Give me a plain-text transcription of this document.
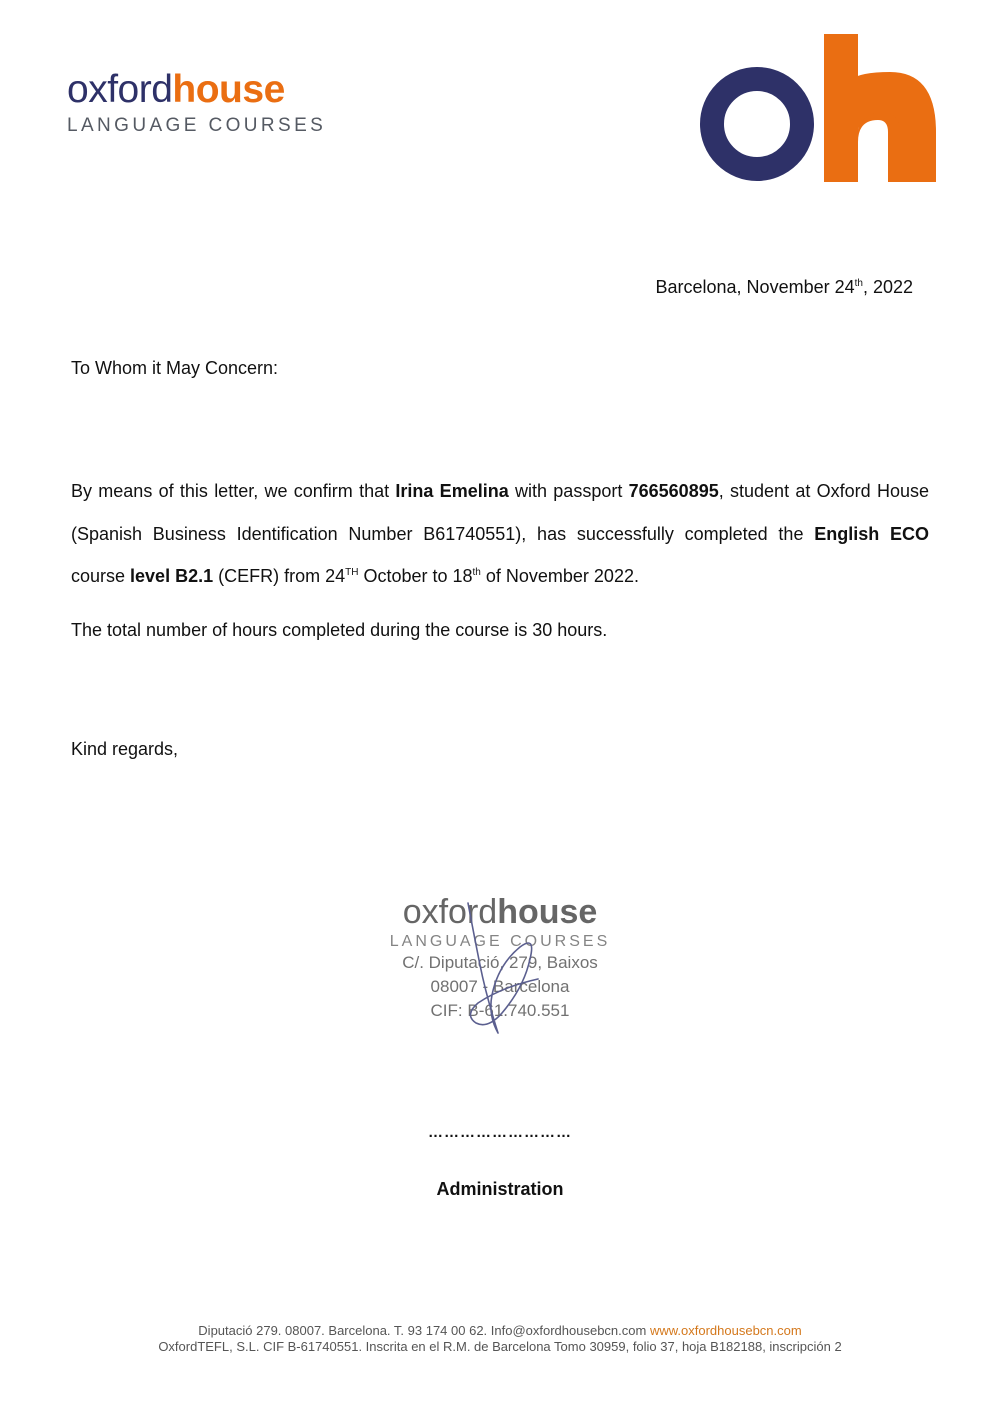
oxfordhouse
LANGUAGE COURSES
Barcelona, November 24th, 2022
To Whom it May Concern:
By means of this letter, we confirm that Irina Emelina with passport 766560895, student at Oxford House (Spanish Business Identification Number B61740551), has successfully completed the English ECO course level B2.1 (CEFR) from 24TH October to 18th of November 2022.
The total number of hours completed during the course is 30 hours.
Kind regards,
oxfordhouse
LANGUAGE COURSES
C/. Diputació, 279, Baixos
08007 - Barcelona
CIF: B-61.740.551
………………………
Administration
Diputació 279. 08007. Barcelona. T. 93 174 00 62. Info@oxfordhousebcn.com www.oxfordhousebcn.com
OxfordTEFL, S.L. CIF B-61740551. Inscrita en el R.M. de Barcelona Tomo 30959, folio 37, hoja B182188, inscripción 2
